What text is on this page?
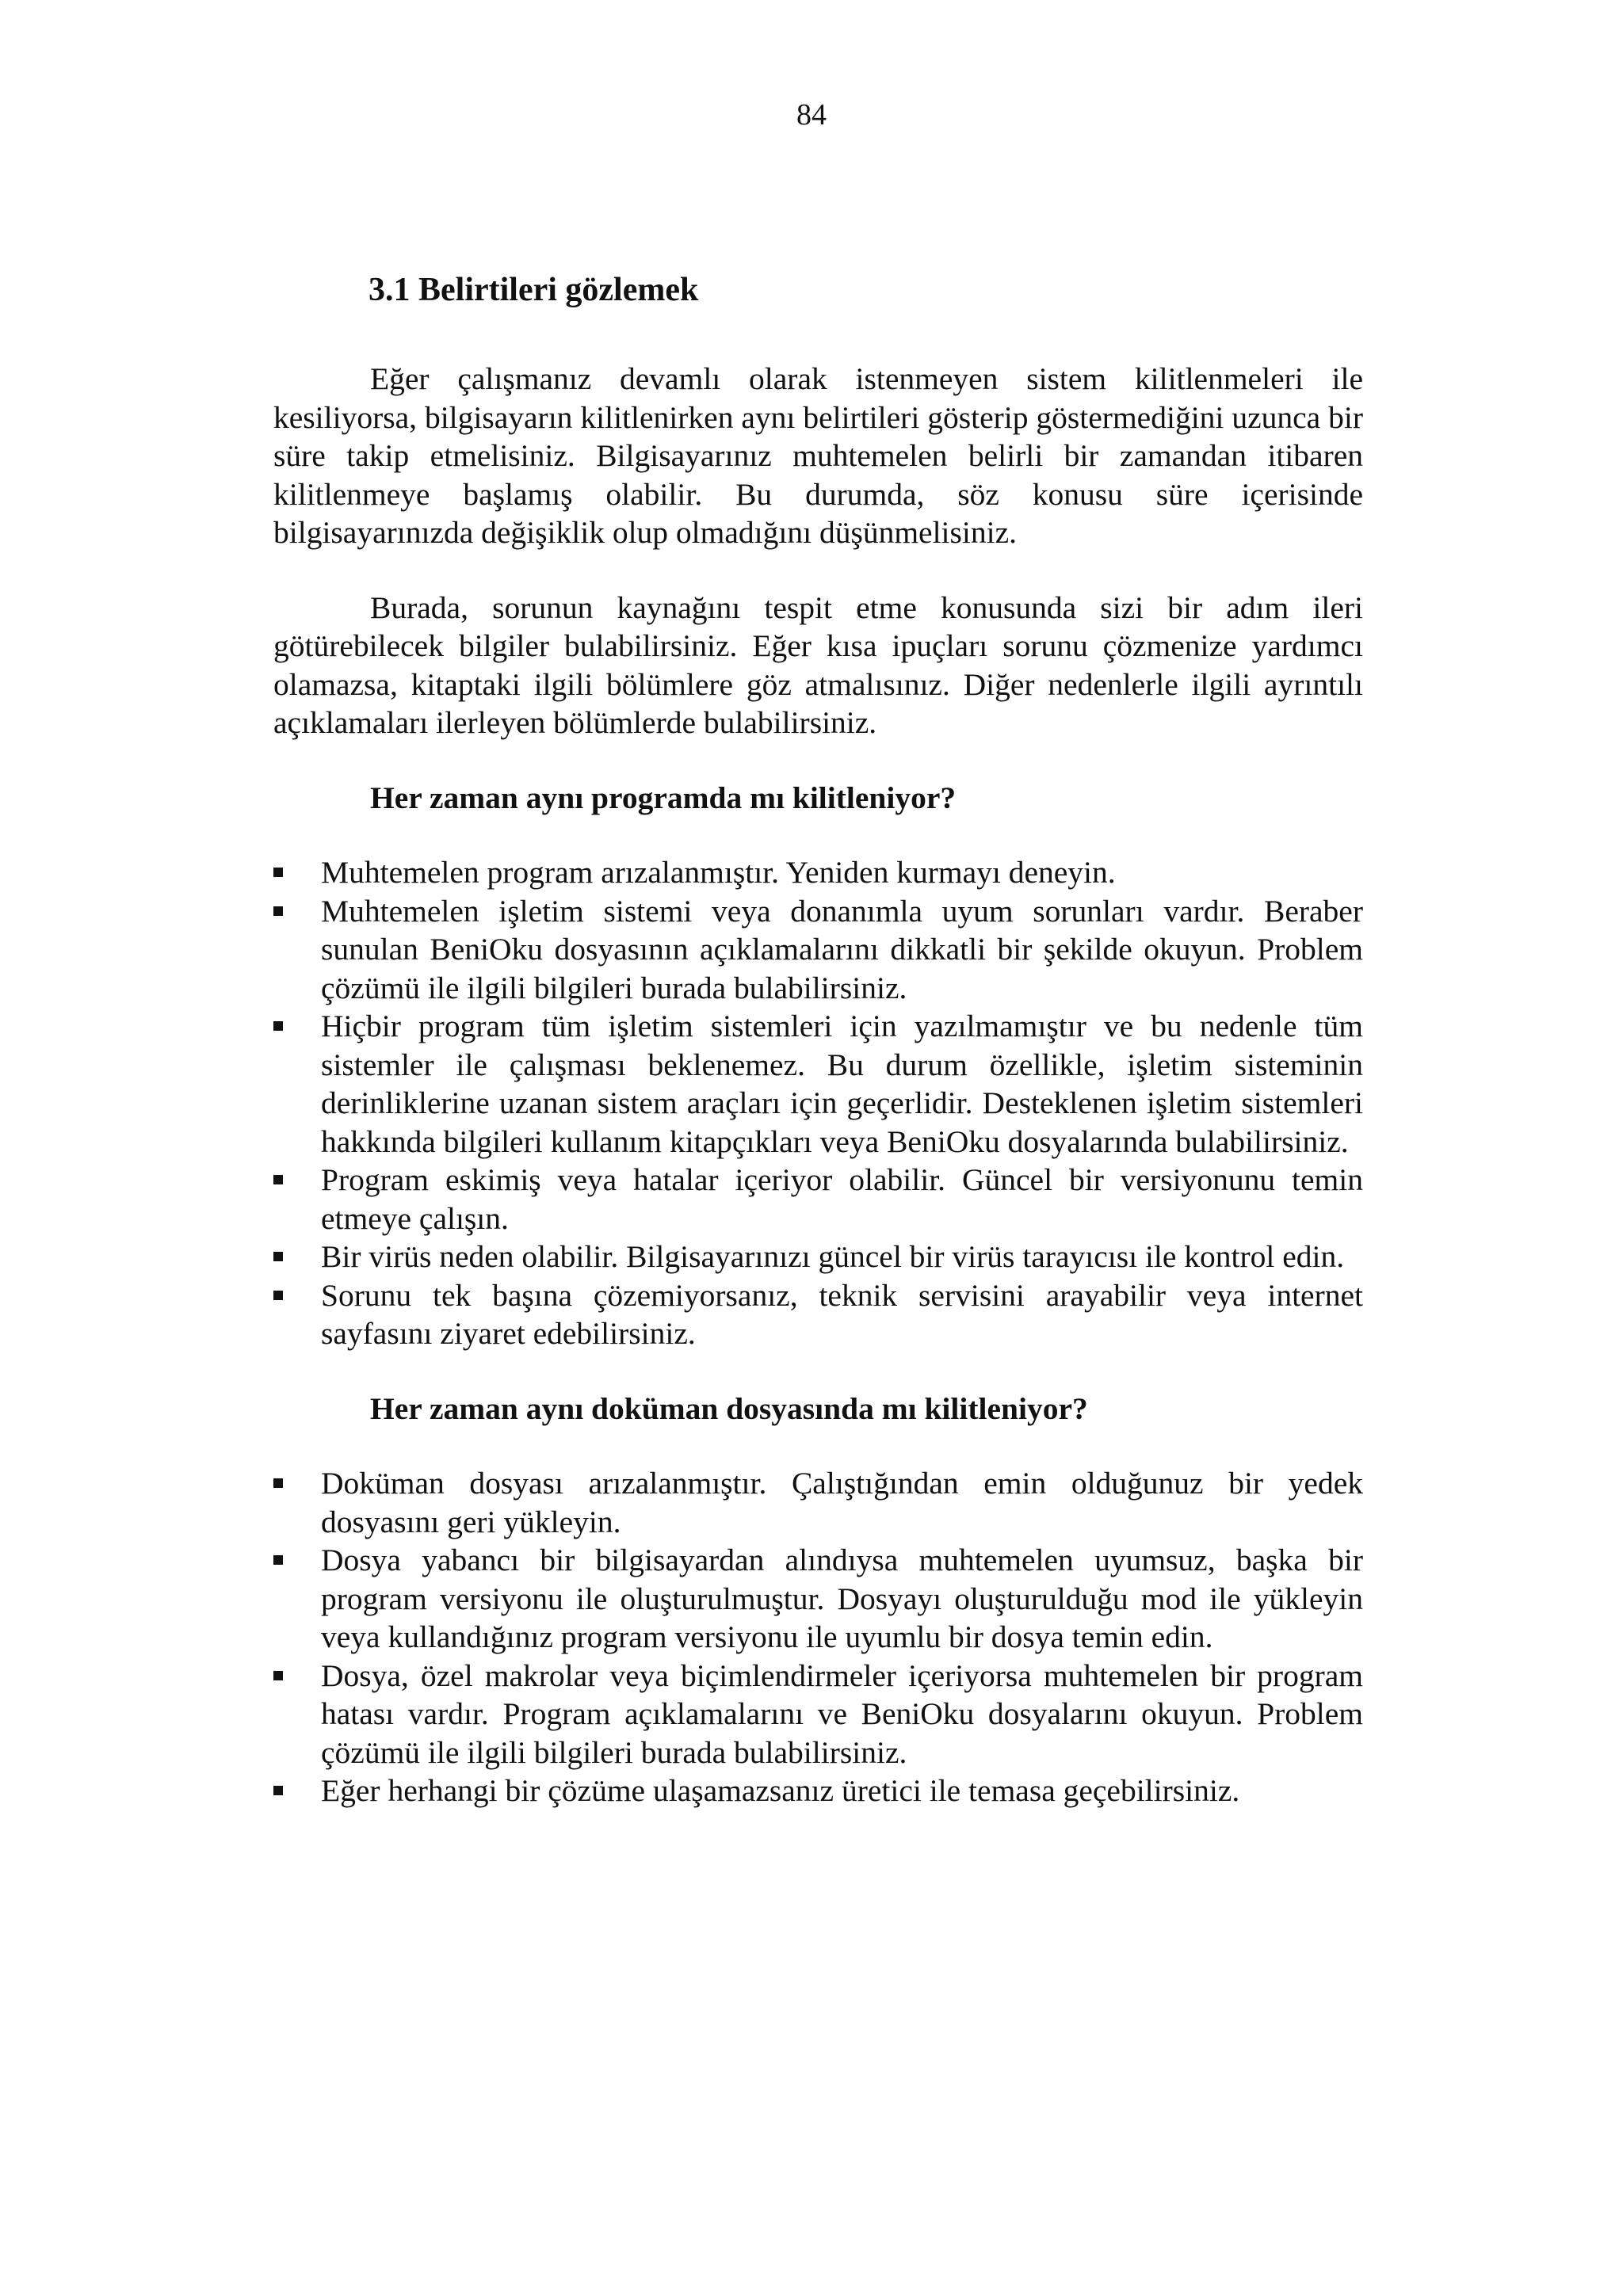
84
3.1 Belirtileri gözlemek

Eğer çalışmanız devamlı olarak istenmeyen sistem kilitlenmeleri ile kesiliyorsa, bilgisayarın kilitlenirken aynı belirtileri gösterip göstermediğini uzunca bir süre takip etmelisiniz. Bilgisayarınız muhtemelen belirli bir zamandan itibaren kilitlenmeye başlamış olabilir. Bu durumda, söz konusu süre içerisinde bilgisayarınızda değişiklik olup olmadığını düşünmelisiniz.

Burada, sorunun kaynağını tespit etme konusunda sizi bir adım ileri götürebilecek bilgiler bulabilirsiniz. Eğer kısa ipuçları sorunu çözmenize yardımcı olamazsa, kitaptaki ilgili bölümlere göz atmalısınız. Diğer nedenlerle ilgili ayrıntılı açıklamaları ilerleyen bölümlerde bulabilirsiniz.

Her zaman aynı programda mı kilitleniyor?
Muhtemelen program arızalanmıştır. Yeniden kurmayı deneyin.
Muhtemelen işletim sistemi veya donanımla uyum sorunları vardır. Beraber sunulan BeniOku dosyasının açıklamalarını dikkatli bir şekilde okuyun. Problem çözümü ile ilgili bilgileri burada bulabilirsiniz.
Hiçbir program tüm işletim sistemleri için yazılmamıştır ve bu nedenle tüm sistemler ile çalışması beklenemez. Bu durum özellikle, işletim sisteminin derinliklerine uzanan sistem araçları için geçerlidir. Desteklenen işletim sistemleri hakkında bilgileri kullanım kitapçıkları veya BeniOku dosyalarında bulabilirsiniz.
Program eskimiş veya hatalar içeriyor olabilir. Güncel bir versiyonunu temin etmeye çalışın.
Bir virüs neden olabilir. Bilgisayarınızı güncel bir virüs tarayıcısı ile kontrol edin.
Sorunu tek başına çözemiyorsanız, teknik servisini arayabilir veya internet sayfasını ziyaret edebilirsiniz.
Her zaman aynı doküman dosyasında mı kilitleniyor?
Doküman dosyası arızalanmıştır. Çalıştığından emin olduğunuz bir yedek dosyasını geri yükleyin.
Dosya yabancı bir bilgisayardan alındıysa muhtemelen uyumsuz, başka bir program versiyonu ile oluşturulmuştur. Dosyayı oluşturulduğu mod ile yükleyin veya kullandığınız program versiyonu ile uyumlu bir dosya temin edin.
Dosya, özel makrolar veya biçimlendirmeler içeriyorsa muhtemelen bir program hatası vardır. Program açıklamalarını ve BeniOku dosyalarını okuyun. Problem çözümü ile ilgili bilgileri burada bulabilirsiniz.
Eğer herhangi bir çözüme ulaşamazsanız üretici ile temasa geçebilirsiniz.
